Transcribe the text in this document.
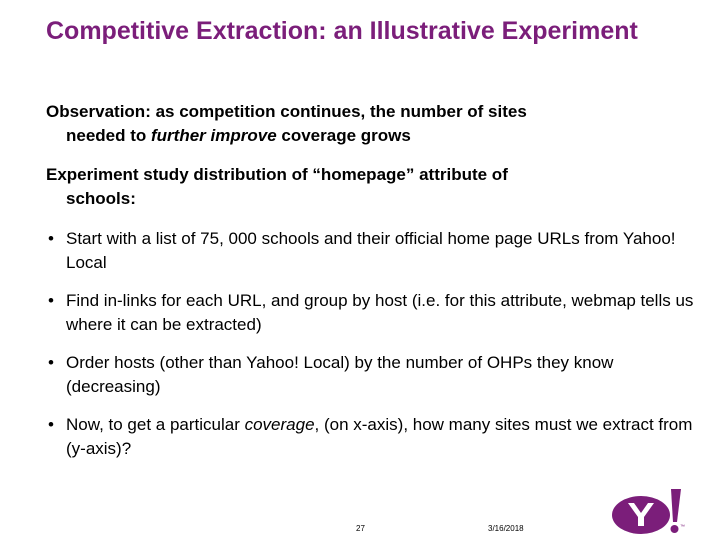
Competitive Extraction: an Illustrative Experiment

Observation: as competition continues, the number of sites
needed to further improve coverage grows

Experiment study distribution of “homepage” attribute of
schools:

• Start with a list of 75, 000 schools and their official home page URLs from Yahoo! Local
• Find in-links for each URL, and group by host (i.e. for this attribute, webmap tells us where it can be extracted)
• Order hosts (other than Yahoo! Local) by the number of OHPs they know (decreasing)
• Now, to get a particular coverage, (on x-axis), how many sites must we extract from (y-axis)?
27	3/16/2018	™
